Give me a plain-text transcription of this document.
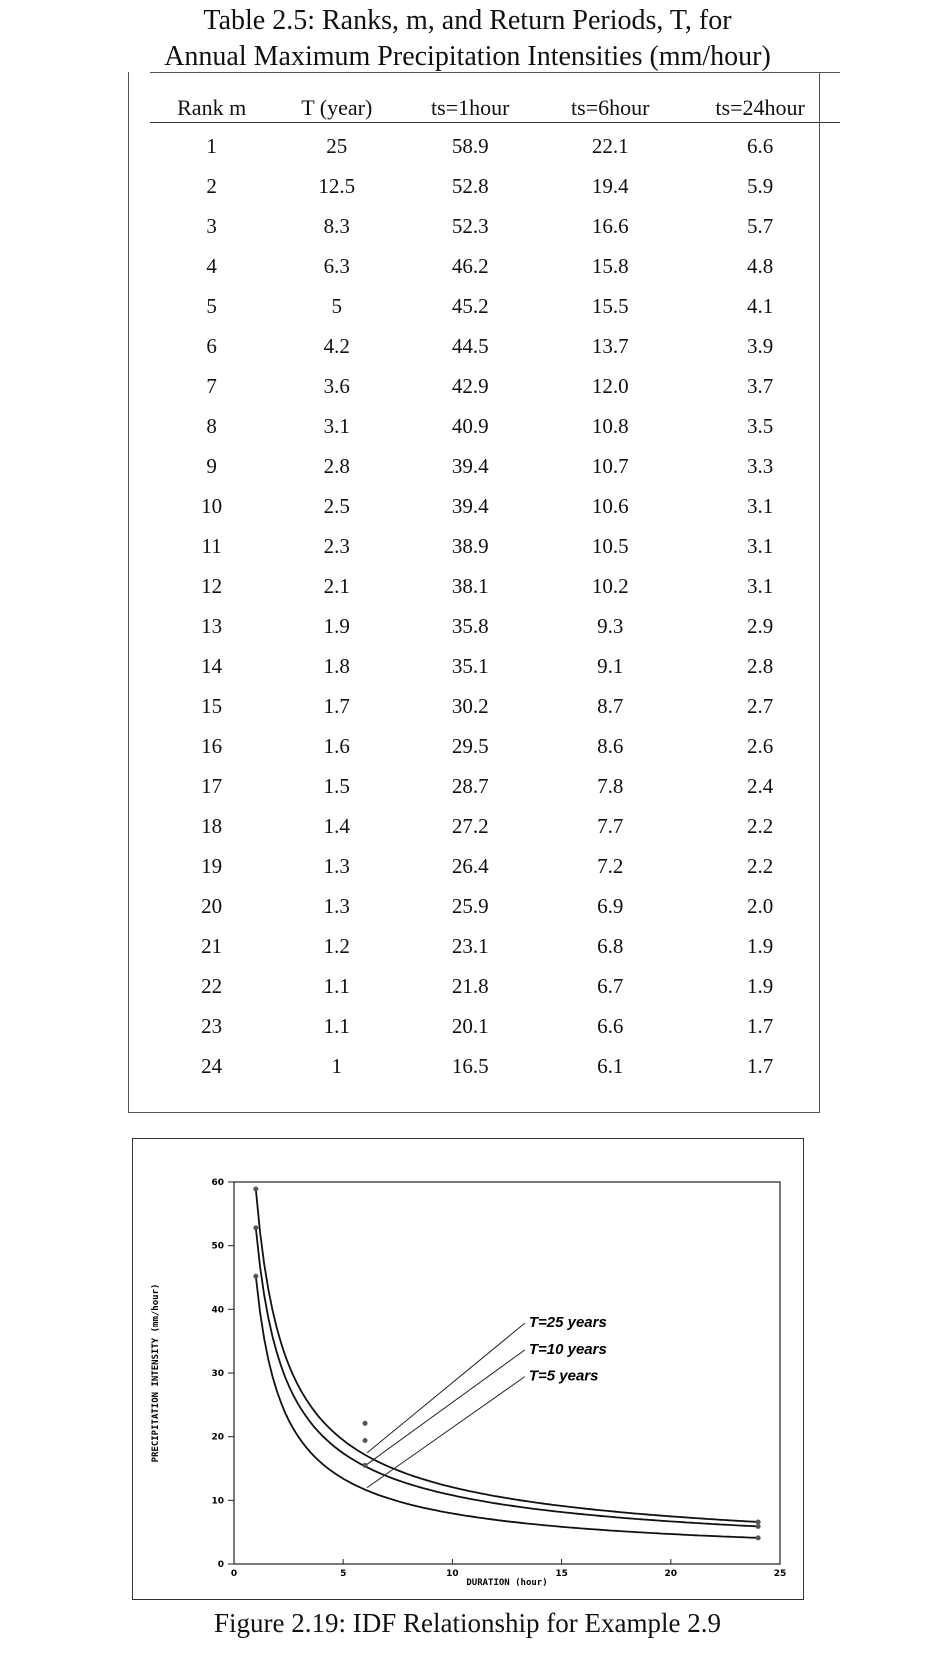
Table 2.5: Ranks, m, and Return Periods, T, for
Annual Maximum Precipitation Intensities (mm/hour)
Rank m	T (year)	ts=1hour	ts=6hour	ts=24hour
1	25	58.9	22.1	6.6
2	12.5	52.8	19.4	5.9
3	8.3	52.3	16.6	5.7
4	6.3	46.2	15.8	4.8
5	5	45.2	15.5	4.1
6	4.2	44.5	13.7	3.9
7	3.6	42.9	12.0	3.7
8	3.1	40.9	10.8	3.5
9	2.8	39.4	10.7	3.3
10	2.5	39.4	10.6	3.1
11	2.3	38.9	10.5	3.1
12	2.1	38.1	10.2	3.1
13	1.9	35.8	9.3	2.9
14	1.8	35.1	9.1	2.8
15	1.7	30.2	8.7	2.7
16	1.6	29.5	8.6	2.6
17	1.5	28.7	7.8	2.4
18	1.4	27.2	7.7	2.2
19	1.3	26.4	7.2	2.2
20	1.3	25.9	6.9	2.0
21	1.2	23.1	6.8	1.9
22	1.1	21.8	6.7	1.9
23	1.1	20.1	6.6	1.7
24	1	16.5	6.1	1.7
0
10
20
30
40
50
60
0	5	10	15	20	25
DURATION (hour)
PRECIPITATION INTENSITY (mm/hour)	T=25 years
T=10 years
T=5 years
Figure 2.19: IDF Relationship for Example 2.9
